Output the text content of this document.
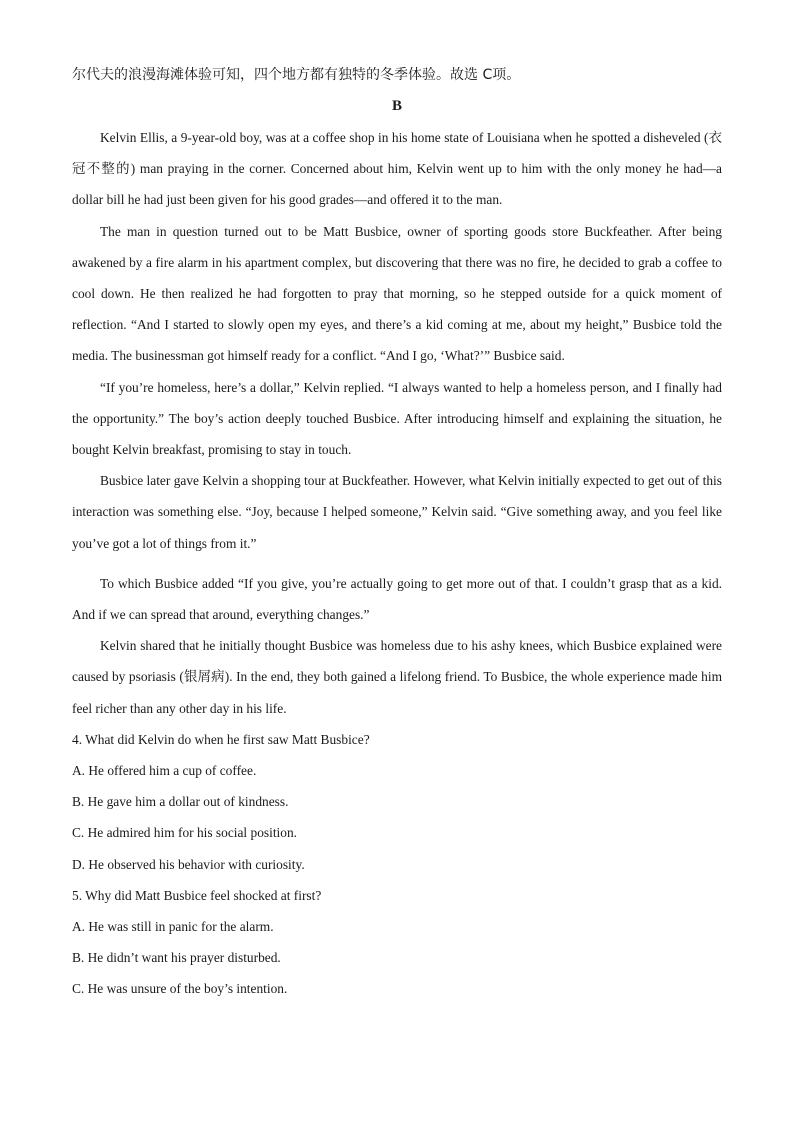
尔代夫的浪漫海滩体验可知，四个地方都有独特的冬季体验。故选 C项。
B

Kelvin Ellis, a 9-year-old boy, was at a coffee shop in his home state of Louisiana when he spotted a disheveled (衣冠不整的) man praying in the corner. Concerned about him, Kelvin went up to him with the only money he had—a dollar bill he had just been given for his good grades—and offered it to the man.

The man in question turned out to be Matt Busbice, owner of sporting goods store Buckfeather. After being awakened by a fire alarm in his apartment complex, but discovering that there was no fire, he decided to grab a coffee to cool down. He then realized he had forgotten to pray that morning, so he stepped outside for a quick moment of reflection. “And I started to slowly open my eyes, and there’s a kid coming at me, about my height,” Busbice told the media. The businessman got himself ready for a conflict. “And I go, ‘What?’” Busbice said.

“If you’re homeless, here’s a dollar,” Kelvin replied. “I always wanted to help a homeless person, and I finally had the opportunity.” The boy’s action deeply touched Busbice. After introducing himself and explaining the situation, he bought Kelvin breakfast, promising to stay in touch.

Busbice later gave Kelvin a shopping tour at Buckfeather. However, what Kelvin initially expected to get out of this interaction was something else. “Joy, because I helped someone,” Kelvin said. “Give something away, and you feel like you’ve got a lot of things from it.”

To which Busbice added “If you give, you’re actually going to get more out of that. I couldn’t grasp that as a kid. And if we can spread that around, everything changes.”

Kelvin shared that he initially thought Busbice was homeless due to his ashy knees, which Busbice explained were caused by psoriasis (银屑病). In the end, they both gained a lifelong friend. To Busbice, the whole experience made him feel richer than any other day in his life.

4. What did Kelvin do when he first saw Matt Busbice?

A. He offered him a cup of coffee.

B. He gave him a dollar out of kindness.

C. He admired him for his social position.

D. He observed his behavior with curiosity.

5. Why did Matt Busbice feel shocked at first?

A. He was still in panic for the alarm.

B. He didn’t want his prayer disturbed.

C. He was unsure of the boy’s intention.
